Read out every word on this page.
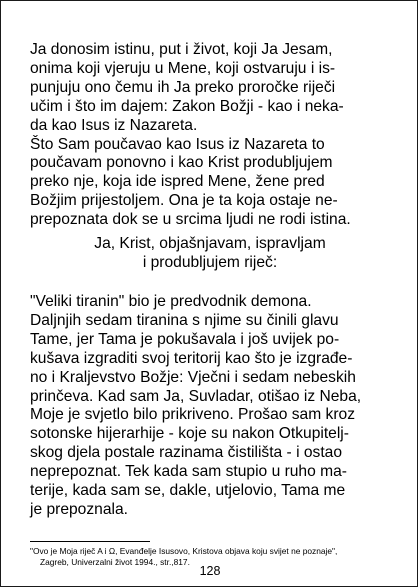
Ja donosim istinu, put i život, koji Ja Jesam,
onima koji vjeruju u Mene, koji ostvaruju i is-
punjuju ono čemu ih Ja preko proročke riječi
učim i što im dajem: Zakon Božji - kao i neka-
da kao Isus iz Nazareta.
Što Sam poučavao kao Isus iz Nazareta to
poučavam ponovno i kao Krist produbljujem
preko nje, koja ide ispred Mene, žene pred
Božjim prijestoljem. Ona je ta koja ostaje ne-
prepoznata dok se u srcima ljudi ne rodi istina.
Ja, Krist, objašnjavam, ispravljam
i produbljujem riječ:
"Veliki tiranin" bio je predvodnik demona.
Daljnjih sedam tiranina s njime su činili glavu
Tame, jer Tama je pokušavala i još uvijek po-
kušava izgraditi svoj teritorij kao što je izgrađe-
no i Kraljevstvo Božje: Vječni i sedam nebeskih
prinčeva. Kad sam Ja, Suvladar, otišao iz Neba,
Moje je svjetlo bilo prikriveno. Prošao sam kroz
sotonske hijerarhije - koje su nakon Otkupitelj-
skog djela postale razinama čistilišta - i ostao
neprepoznat. Tek kada sam stupio u ruho ma-
terije, kada sam se, dakle, utjelovio, Tama me
je prepoznala.
"Ovo je Moja riječ A i Ω, Evanđelje Isusovo, Kristova objava koju svijet ne poznaje",
Zagreb, Univerzalni život 1994., str.,817.
128
